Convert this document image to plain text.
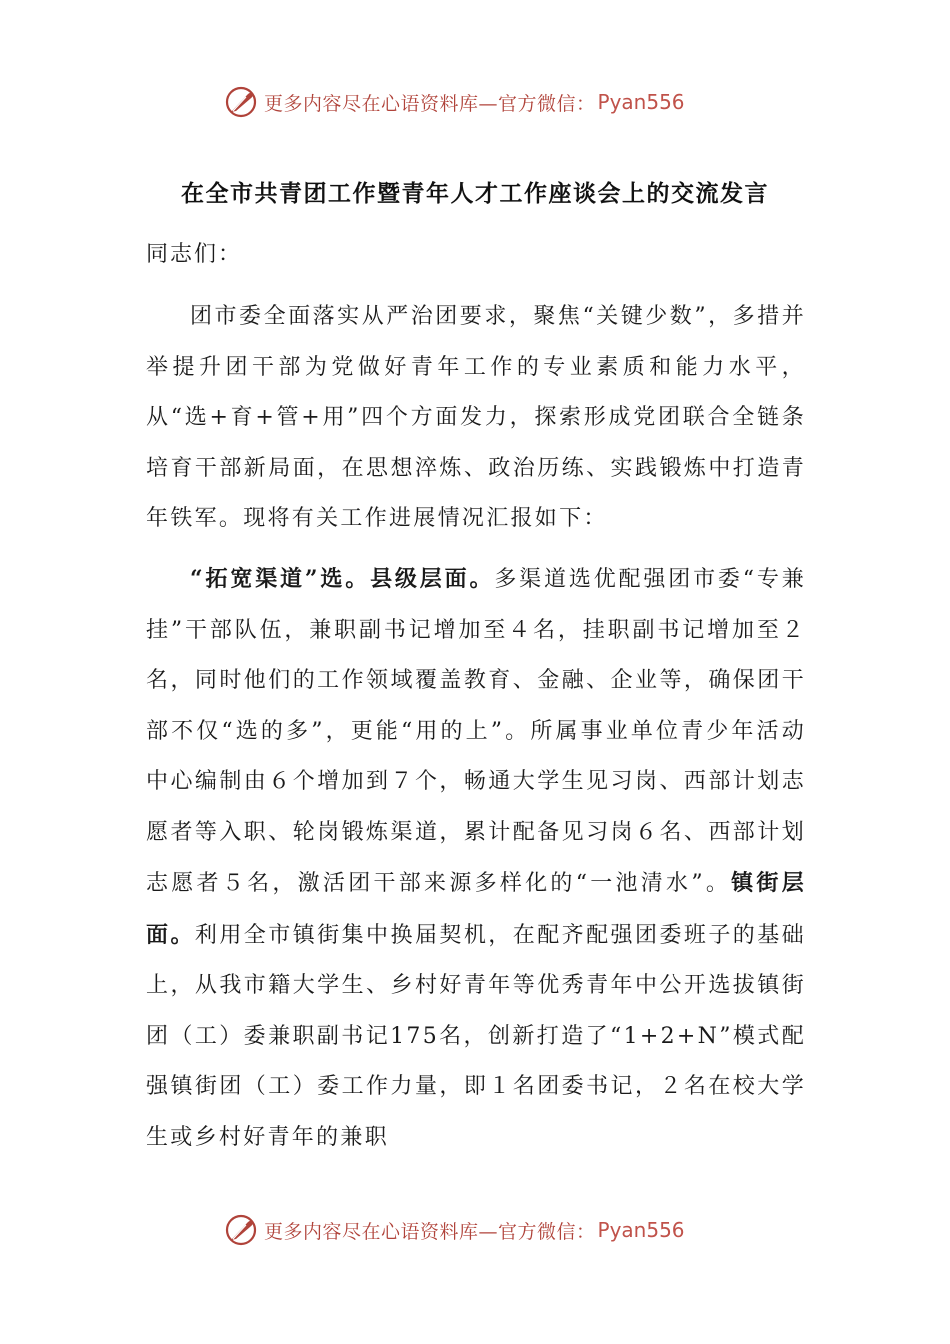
更多内容尽在心语资料库—官方微信： Pyan556
在全市共青团工作暨青年人才工作座谈会上的交流发言
同志们：

团市委全面落实从严治团要求，聚焦“关键少数”，多措并举提升团干部为党做好青年工作的专业素质和能力水平，从“选+育+管+用”四个方面发力，探索形成党团联合全链条培育干部新局面，在思想淬炼、政治历练、实践锻炼中打造青年铁军。现将有关工作进展情况汇报如下：

“拓宽渠道”选。县级层面。多渠道选优配强团市委“专兼挂”干部队伍，兼职副书记增加至４名，挂职副书记增加至２名，同时他们的工作领域覆盖教育、金融、企业等，确保团干部不仅“选的多”，更能“用的上”。所属事业单位青少年活动中心编制由６个增加到７个，畅通大学生见习岗、西部计划志愿者等入职、轮岗锻炼渠道，累计配备见习岗６名、西部计划志愿者５名，激活团干部来源多样化的“一池清水”。镇街层面。利用全市镇街集中换届契机，在配齐配强团委班子的基础上，从我市籍大学生、乡村好青年等优秀青年中公开选拔镇街团（工）委兼职副书记175名，创新打造了“1+2+N”模式配强镇街团（工）委工作力量，即１名团委书记，２名在校大学生或乡村好青年的兼职

更多内容尽在心语资料库—官方微信： Pyan556
